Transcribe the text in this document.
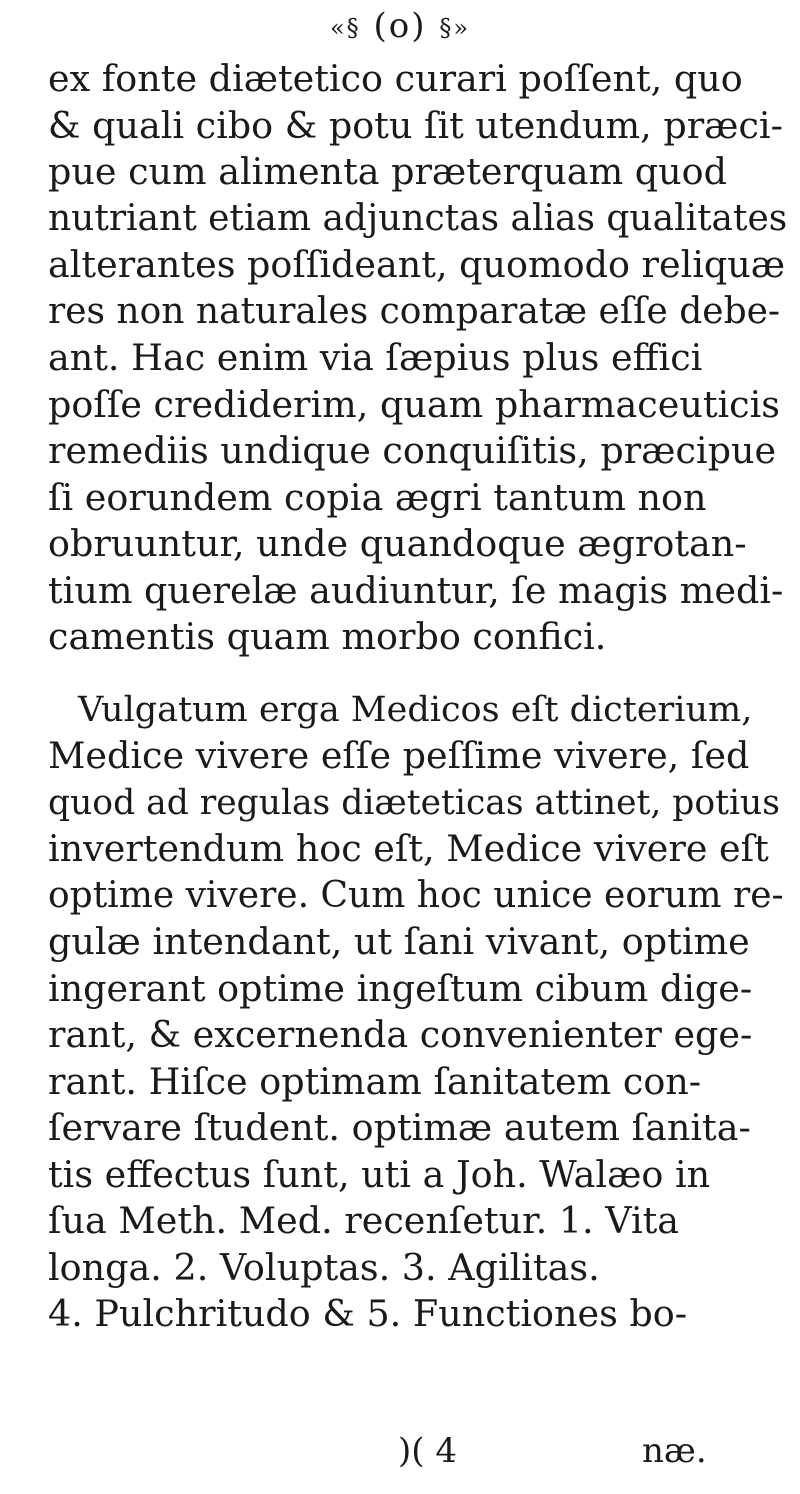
«§ (o) §»
ex fonte diætetico curari poſſent, quo
& quali cibo & potu ſit utendum, præci-
pue cum alimenta præterquam quod
nutriant etiam adjunctas alias qualitates
alterantes poſſideant, quomodo reliquæ
res non naturales comparatæ eſſe debe-
ant. Hac enim via ſæpius plus effici
poſſe crediderim, quam pharmaceuticis
remediis undique conquiſitis, præcipue
ſi eorundem copia ægri tantum non
obruuntur, unde quandoque ægrotan-
tium querelæ audiuntur, ſe magis medi-
camentis quam morbo confici.
Vulgatum erga Medicos eſt dicterium,
Medice vivere eſſe peſſime vivere, ſed
quod ad regulas diæteticas attinet, potius
invertendum hoc eſt, Medice vivere eſt
optime vivere. Cum hoc unice eorum re-
gulæ intendant, ut ſani vivant, optime
ingerant optime ingeſtum cibum dige-
rant, & excernenda convenienter ege-
rant. Hiſce optimam ſanitatem con-
ſervare ſtudent. optimæ autem ſanita-
tis effectus ſunt, uti a Joh. Walæo in
ſua Meth. Med. recenſetur. 1. Vita
longa. 2. Voluptas. 3. Agilitas.
4. Pulchritudo & 5. Functiones bo-
)( 4	næ.
